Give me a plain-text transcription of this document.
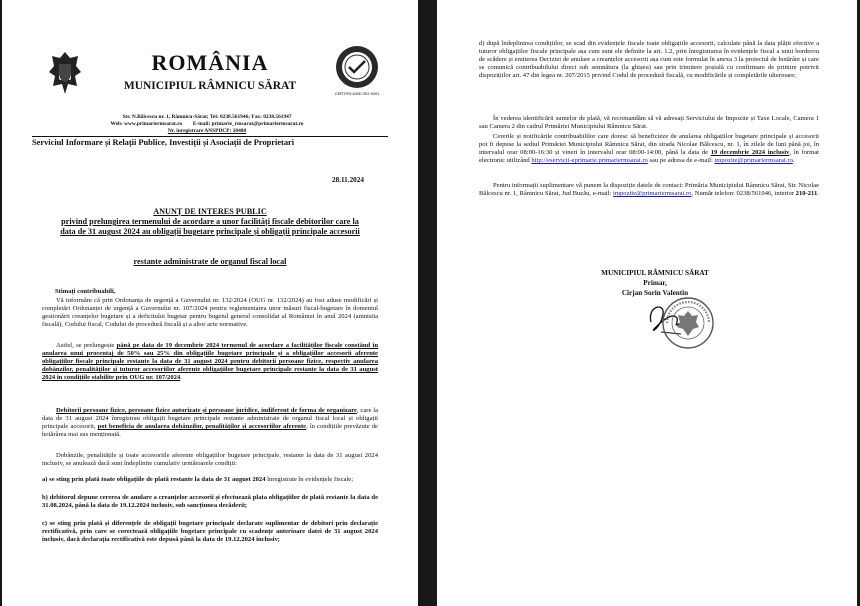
ROMÂNIA
MUNICIPIUL RÂMNICU SĂRAT
CERTIFICARE ISO 9001
Str. N.Bălcescu nr. 1, Râmnicu-Sărat; Tel: 0238.561946; Fax: 0238.561947
Web: www.primariermsarat.ro        E-mail: primarie_rmsarat@primariermsarat.ro
Nr. înregistrare ANSPDCP: 20480
Serviciul Informare și Relații Publice, Investiții și Asociații de Proprietari
28.11.2024
ANUNȚ DE INTERES PUBLIC
privind prelungirea termenului de acordare a unor facilități fiscale debitorilor care la data de 31 august 2024 au obligații bugetare principale și obligații principale accesorii
restante administrate de organul fiscal local
Stimați contribuabili,
Vă informăm că prin Ordonanța de urgență a Guvernului nr. 132/2024 (OUG nr. 132/2024) au fost aduse modificări și completări Ordonanței de urgență a Guvernului nr. 107/2024 pentru reglementarea unor măsuri fiscal-bugetare în domeniul gestionării creanțelor bugetare și a deficitului bugetar pentru bugetul general consolidat al României în anul 2024 (amnistia fiscală), Codului fiscal, Codului de procedură fiscală și a altor acte normative.
Astfel, se prelungește până pe data de 19 decembrie 2024 termenul de acordare a facilităților fiscale constând în anularea unui procentaj de 50% sau 25% din obligațiile bugetare principale și a obligațiilor accesorii aferente obligațiilor fiscale principale restante la data de 31 august 2024 pentru debitorii persoane fizice, respectiv anularea dobânzilor, penalităților și tuturor accesoriilor aferente obligațiilor bugetare principale restante la data de 31 august 2024 în condițiile stabilite prin OUG nr. 107/2024.
Debitorii persoane fizice, persoane fizice autorizate și persoane juridice, indiferent de forma de organizare, care la data de 31 august 2024 înregistrau obligații bugetare principale restante administrate de organul fiscal local și obligații principale accesorii, pot beneficia de anularea dobânzilor, penalităților și accesoriilor aferente, în condițiile prevăzute de hotărârea mai sus menționată.
Dobânzile, penalitățile și toate accesoriile aferente obligațiilor bugetare principale, restante la data de 31 august 2024 inclusiv, se anulează dacă sunt îndeplinite cumulativ următoarele condiții:
a) se sting prin plată toate obligațiile de plată restante la data de 31 august 2024 înregistrate în evidențele fiscale;
b) debitorul depune cererea de anulare a creanțelor accesorii și efectuează plata obligațiilor de plată restante la data de 31.08.2024, până la data de 19.12.2024 inclusiv, sub sancțiunea decăderii;
c) se sting prin plată și diferențele de obligații bugetare principale declarate suplimentar de debitori prin declarație rectificativă, prin care se corectează obligațiile bugetare principale cu scadențe anterioare datei de 31 august 2024 inclusiv, dacă declarația rectificativă este depusă până la data de 19.12.2024 inclusiv;
d) după îndeplinirea condițiilor, se scad din evidențele fiscale toate obligațiile accesorii, calculate până la data plății efective a tuturor obligațiilor fiscale principale așa cum sunt ele definite la art. 1.2, prin înregistrarea în evidențele fiscal a unui borderou de scădere și emiterea Deciziei de anulare a creanțelor accesorii așa cum este formulat în anexa 3 la proiectul de hotărâre și care se comunică contribuabilului direct sub semnătura (la ghișeu) sau prin trimitere poștală cu confirmare de primire potrivit dispozițiilor art. 47 din legea nr. 207/2015 privind Codul de procedură fiscală, cu modificările și completările ulterioare;
În vederea identificării sumelor de plată, vă recomandăm să vă adresați Serviciului de Impozite și Taxe Locale, Camera 1 sau Camera 2 din cadrul Primăriei Municipiului Râmnicu Sărat.
Cererile și notificările contribuabililor care doresc să beneficieze de anularea obligațiilor bugetare principale și accesorii pot fi depuse la sediul Primăriei Municipiului Râmnicu Sărat, din strada Nicolae Bălcescu, nr. 1, în zilele de luni până joi, în intervalul orar 08:00-16:30 și vineri în intervalul orar 08:00-14:00, până la data de 19 decembrie 2024 inclusiv, în format electronic utilizând http://eservicii-eprimarie.primariermsarat.ro sau pe adresa de e-mail: impozite@primariermsarat.ro.
Pentru informații suplimentare vă punem la dispoziție datele de contact: Primăria Municipiului Râmnicu Sărat, Str. Nicolae Bălcescu nr. 1, Râmnicu Sărat, Jud Buzău, e-mail: impozite@primariermsarat.ro, Număr telefon: 0238/561946, interior 210-211.
MUNICIPIUL RÂMNICU SĂRAT
Primar,
Cîrjan Sorin Valentin
